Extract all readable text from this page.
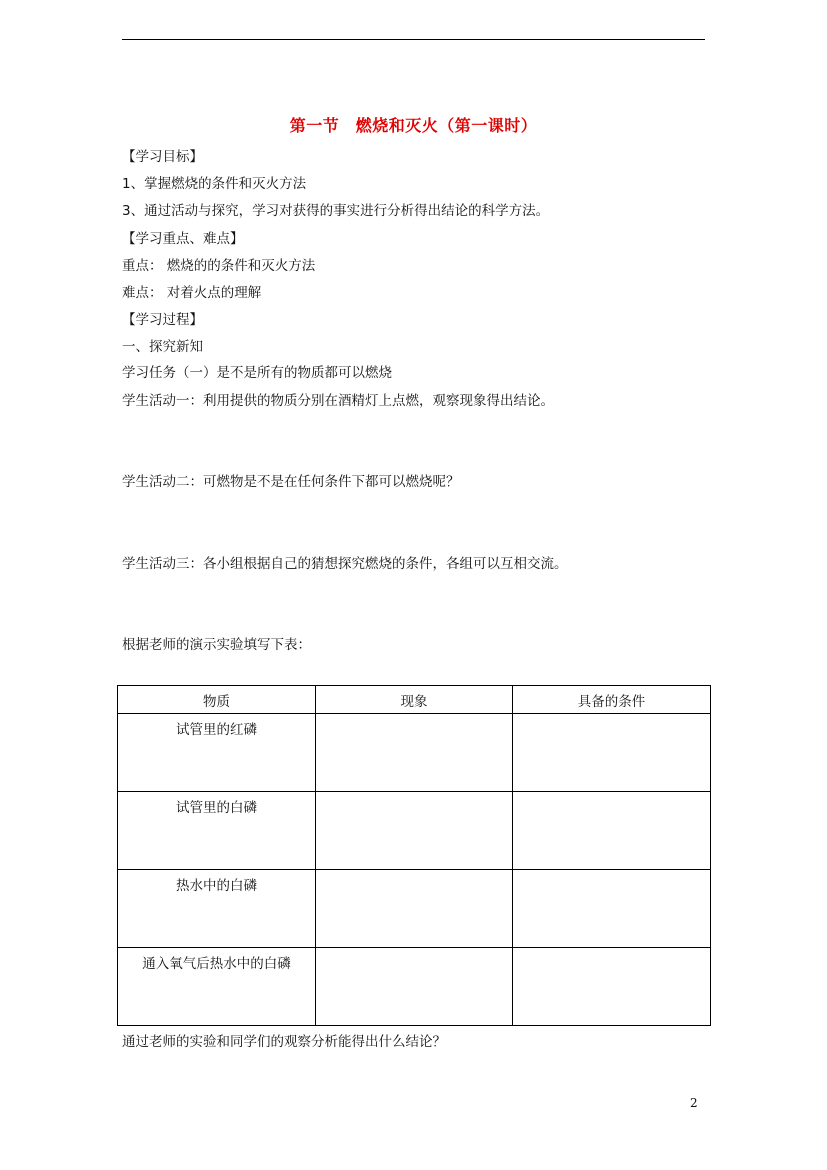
第一节　燃烧和灭火（第一课时）
【学习目标】
1、掌握燃烧的条件和灭火方法
3、通过活动与探究，学习对获得的事实进行分析得出结论的科学方法。
【学习重点、难点】
重点： 燃烧的的条件和灭火方法
难点： 对着火点的理解
【学习过程】
一、探究新知
学习任务（一）是不是所有的物质都可以燃烧
学生活动一：利用提供的物质分别在酒精灯上点燃，观察现象得出结论。
学生活动二：可燃物是不是在任何条件下都可以燃烧呢？
学生活动三：各小组根据自己的猜想探究燃烧的条件，各组可以互相交流。
根据老师的演示实验填写下表：
物质	现象	具备的条件
试管里的红磷		
试管里的白磷		
热水中的白磷		
通入氧气后热水中的白磷		
通过老师的实验和同学们的观察分析能得出什么结论？
2
